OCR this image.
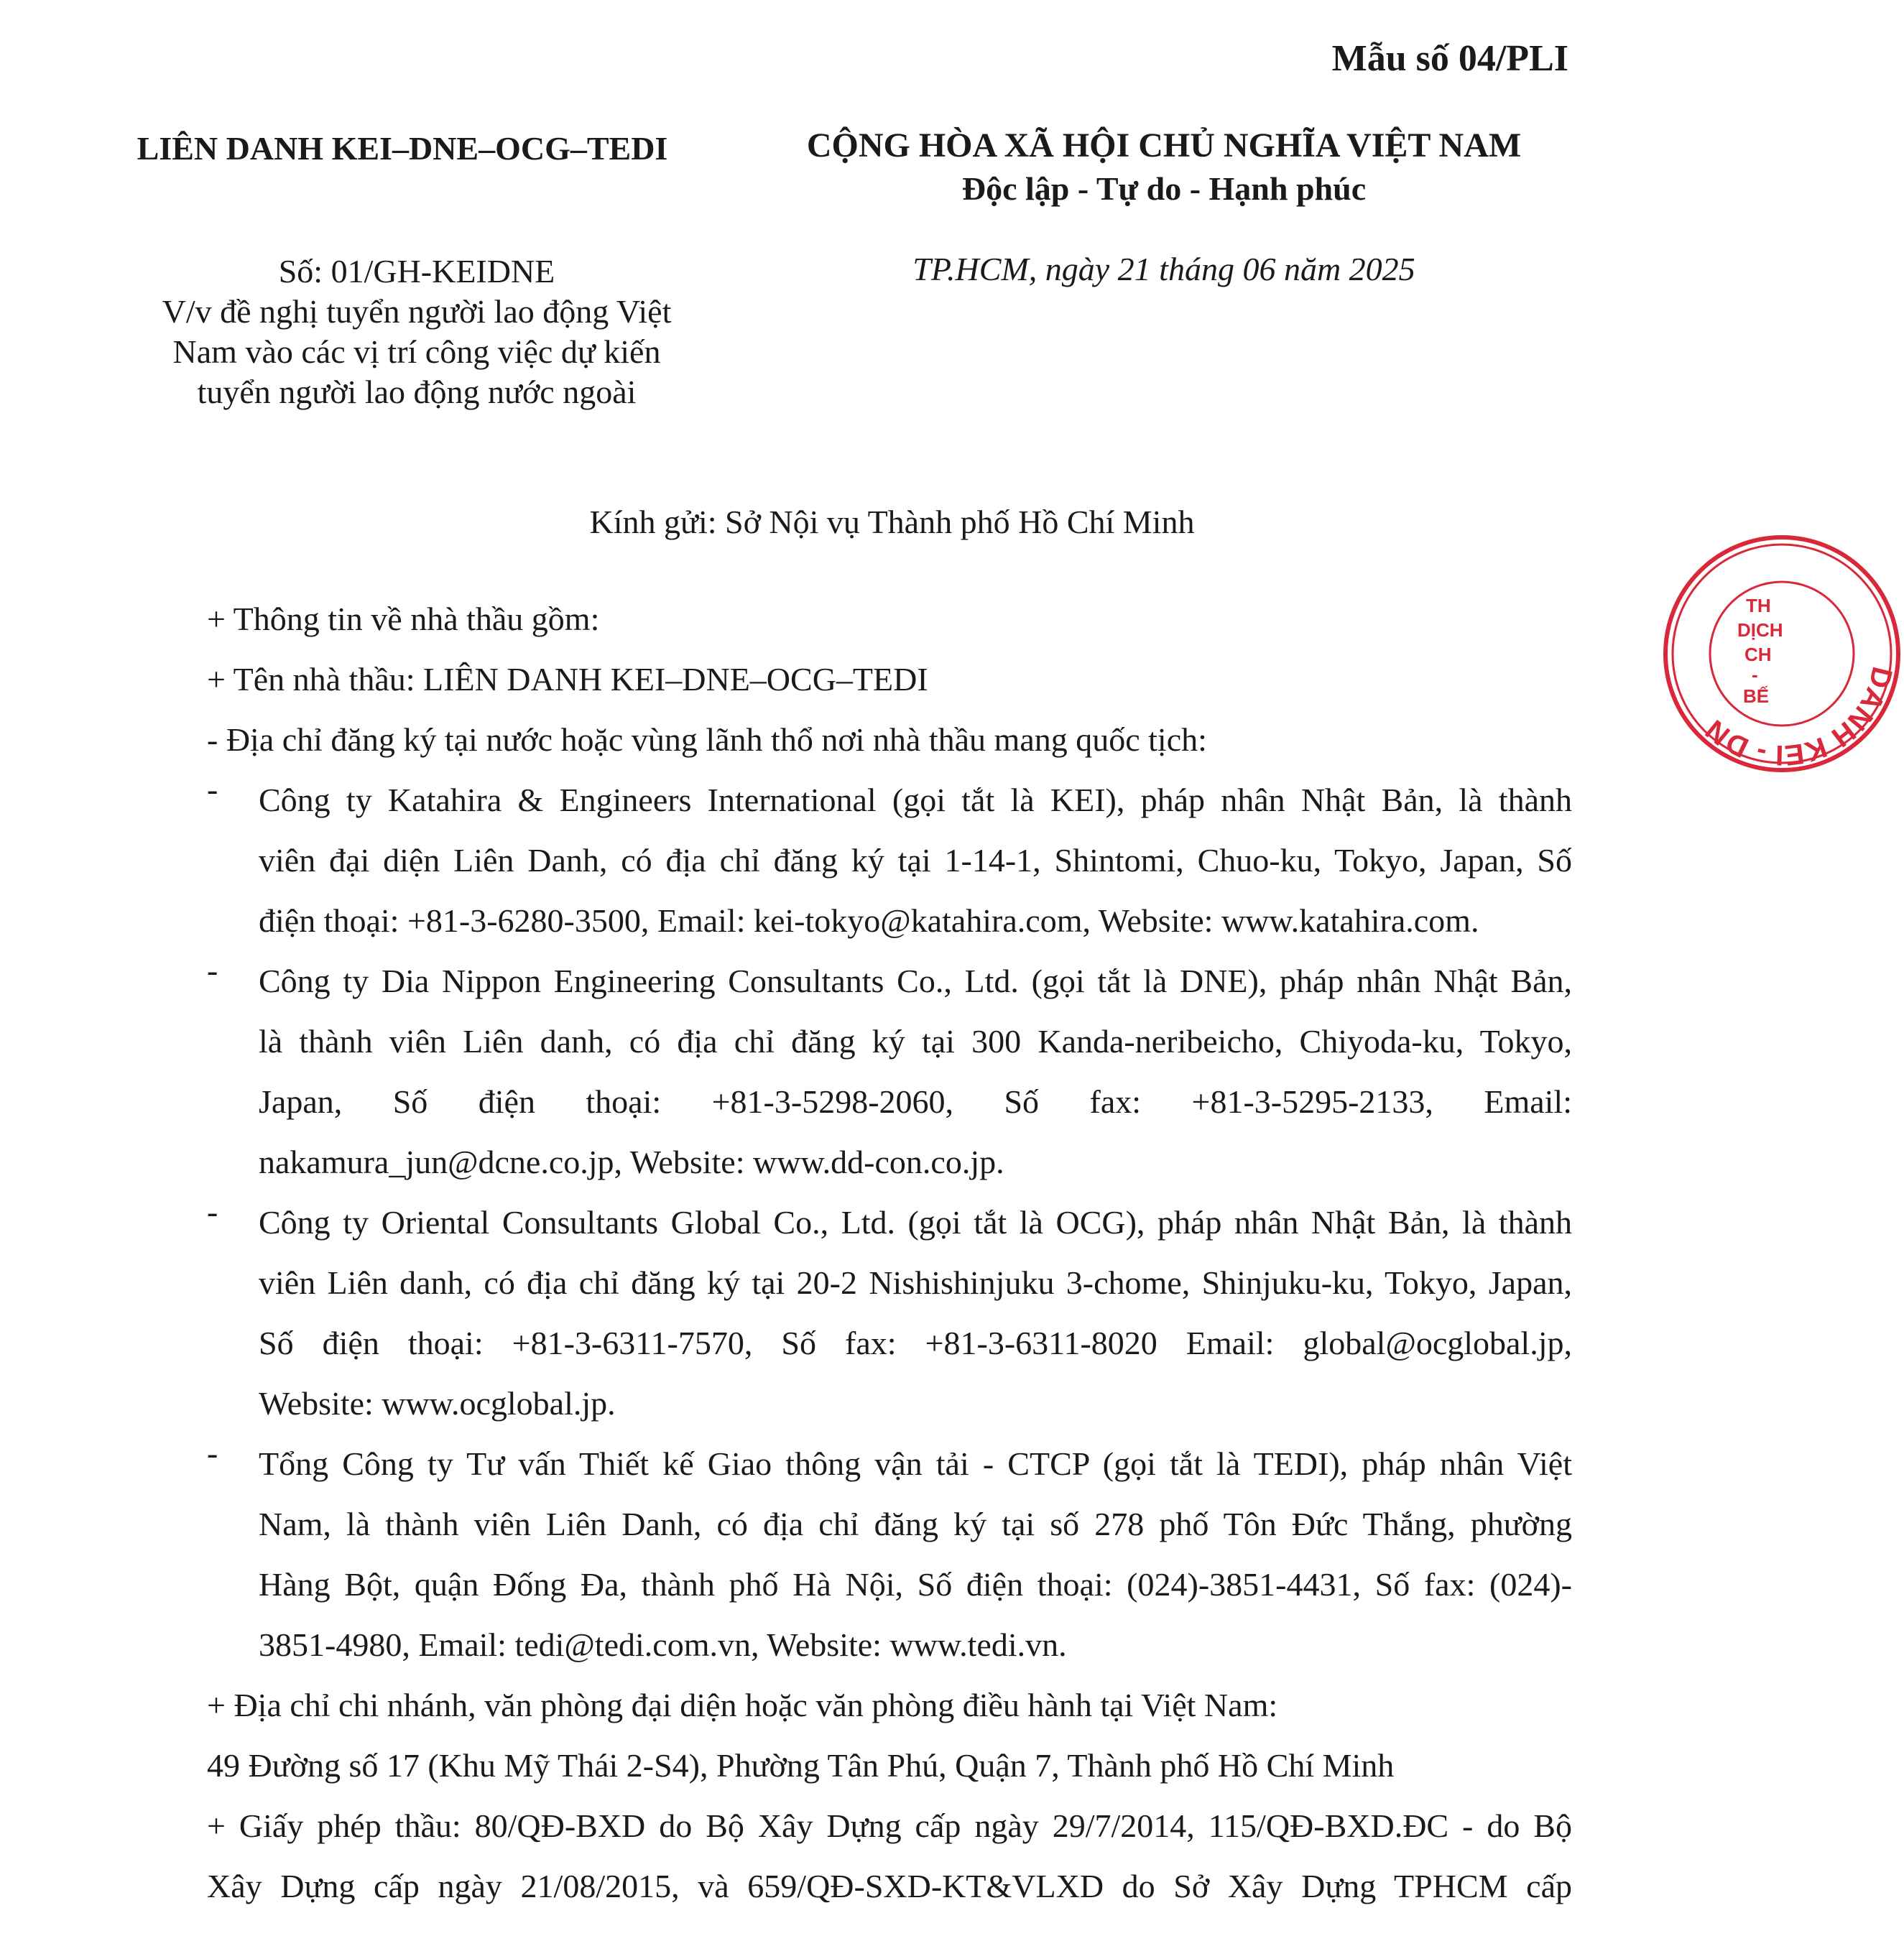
Mẫu số 04/PLI
LIÊN DANH KEI–DNE–OCG–TEDI	CỘNG HÒA XÃ HỘI CHỦ NGHĨA VIỆT NAM
Độc lập - Tự do - Hạnh phúc
Số: 01/GH-KEIDNE
V/v đề nghị tuyển người lao động Việt
Nam vào các vị trí công việc dự kiến
tuyển người lao động nước ngoài
TP.HCM, ngày 21 tháng 06 năm 2025
Kính gửi: Sở Nội vụ Thành phố Hồ Chí Minh
+ Thông tin về nhà thầu gồm:
+ Tên nhà thầu: LIÊN DANH KEI–DNE–OCG–TEDI
- Địa chỉ đăng ký tại nước hoặc vùng lãnh thổ nơi nhà thầu mang quốc tịch:
-	Công ty Katahira & Engineers International (gọi tắt là KEI), pháp nhân Nhật Bản, là thành
viên đại diện Liên Danh, có địa chỉ đăng ký tại 1-14-1, Shintomi, Chuo-ku, Tokyo, Japan, Số
điện thoại: +81-3-6280-3500, Email: kei-tokyo@katahira.com, Website: www.katahira.com.
-	Công ty Dia Nippon Engineering Consultants Co., Ltd. (gọi tắt là DNE), pháp nhân Nhật Bản,
là thành viên Liên danh, có địa chỉ đăng ký tại 300 Kanda-neribeicho, Chiyoda-ku, Tokyo,
Japan, Số điện thoại: +81-3-5298-2060, Số fax: +81-3-5295-2133, Email:
nakamura_jun@dcne.co.jp, Website: www.dd-con.co.jp.
-	Công ty Oriental Consultants Global Co., Ltd. (gọi tắt là OCG), pháp nhân Nhật Bản, là thành
viên Liên danh, có địa chỉ đăng ký tại 20-2 Nishishinjuku 3-chome, Shinjuku-ku, Tokyo, Japan,
Số điện thoại: +81-3-6311-7570, Số fax: +81-3-6311-8020 Email: global@ocglobal.jp,
Website: www.ocglobal.jp.
-	Tổng Công ty Tư vấn Thiết kế Giao thông vận tải - CTCP (gọi tắt là TEDI), pháp nhân Việt
Nam, là thành viên Liên Danh, có địa chỉ đăng ký tại số 278 phố Tôn Đức Thắng, phường
Hàng Bột, quận Đống Đa, thành phố Hà Nội, Số điện thoại: (024)-3851-4431, Số fax: (024)-
3851-4980, Email: tedi@tedi.com.vn, Website: www.tedi.vn.
+ Địa chỉ chi nhánh, văn phòng đại diện hoặc văn phòng điều hành tại Việt Nam:
49 Đường số 17 (Khu Mỹ Thái 2-S4), Phường Tân Phú, Quận 7, Thành phố Hồ Chí Minh
+ Giấy phép thầu: 80/QĐ-BXD do Bộ Xây Dựng cấp ngày 29/7/2014, 115/QĐ-BXD.ĐC - do Bộ
Xây Dựng cấp ngày 21/08/2015, và 659/QĐ-SXD-KT&VLXD do Sở Xây Dựng TPHCM cấp
DANH KEI - DN
TH
DỊCH
CH
-
BẾ
